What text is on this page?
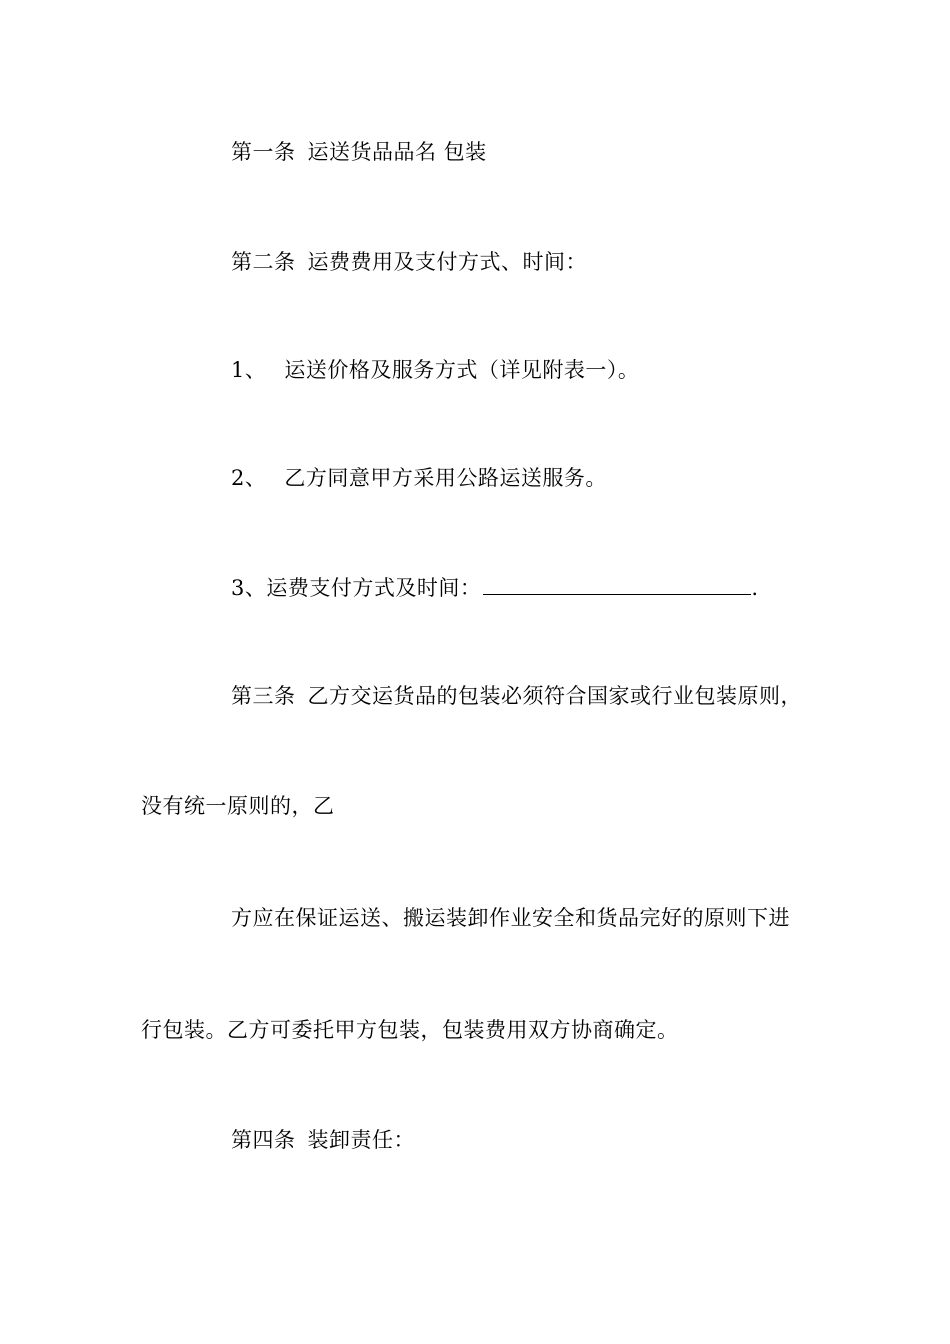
第一条 运送货品品名 包装
第二条 运费费用及支付方式、时间：
1、 运送价格及服务方式（详见附表一）。
2、 乙方同意甲方采用公路运送服务。
3、运费支付方式及时间：	.
第三条 乙方交运货品的包装必须符合国家或行业包装原则，
没有统一原则的，乙
方应在保证运送、搬运装卸作业安全和货品完好的原则下进
行包装。乙方可委托甲方包装，包装费用双方协商确定。
第四条 装卸责任：
